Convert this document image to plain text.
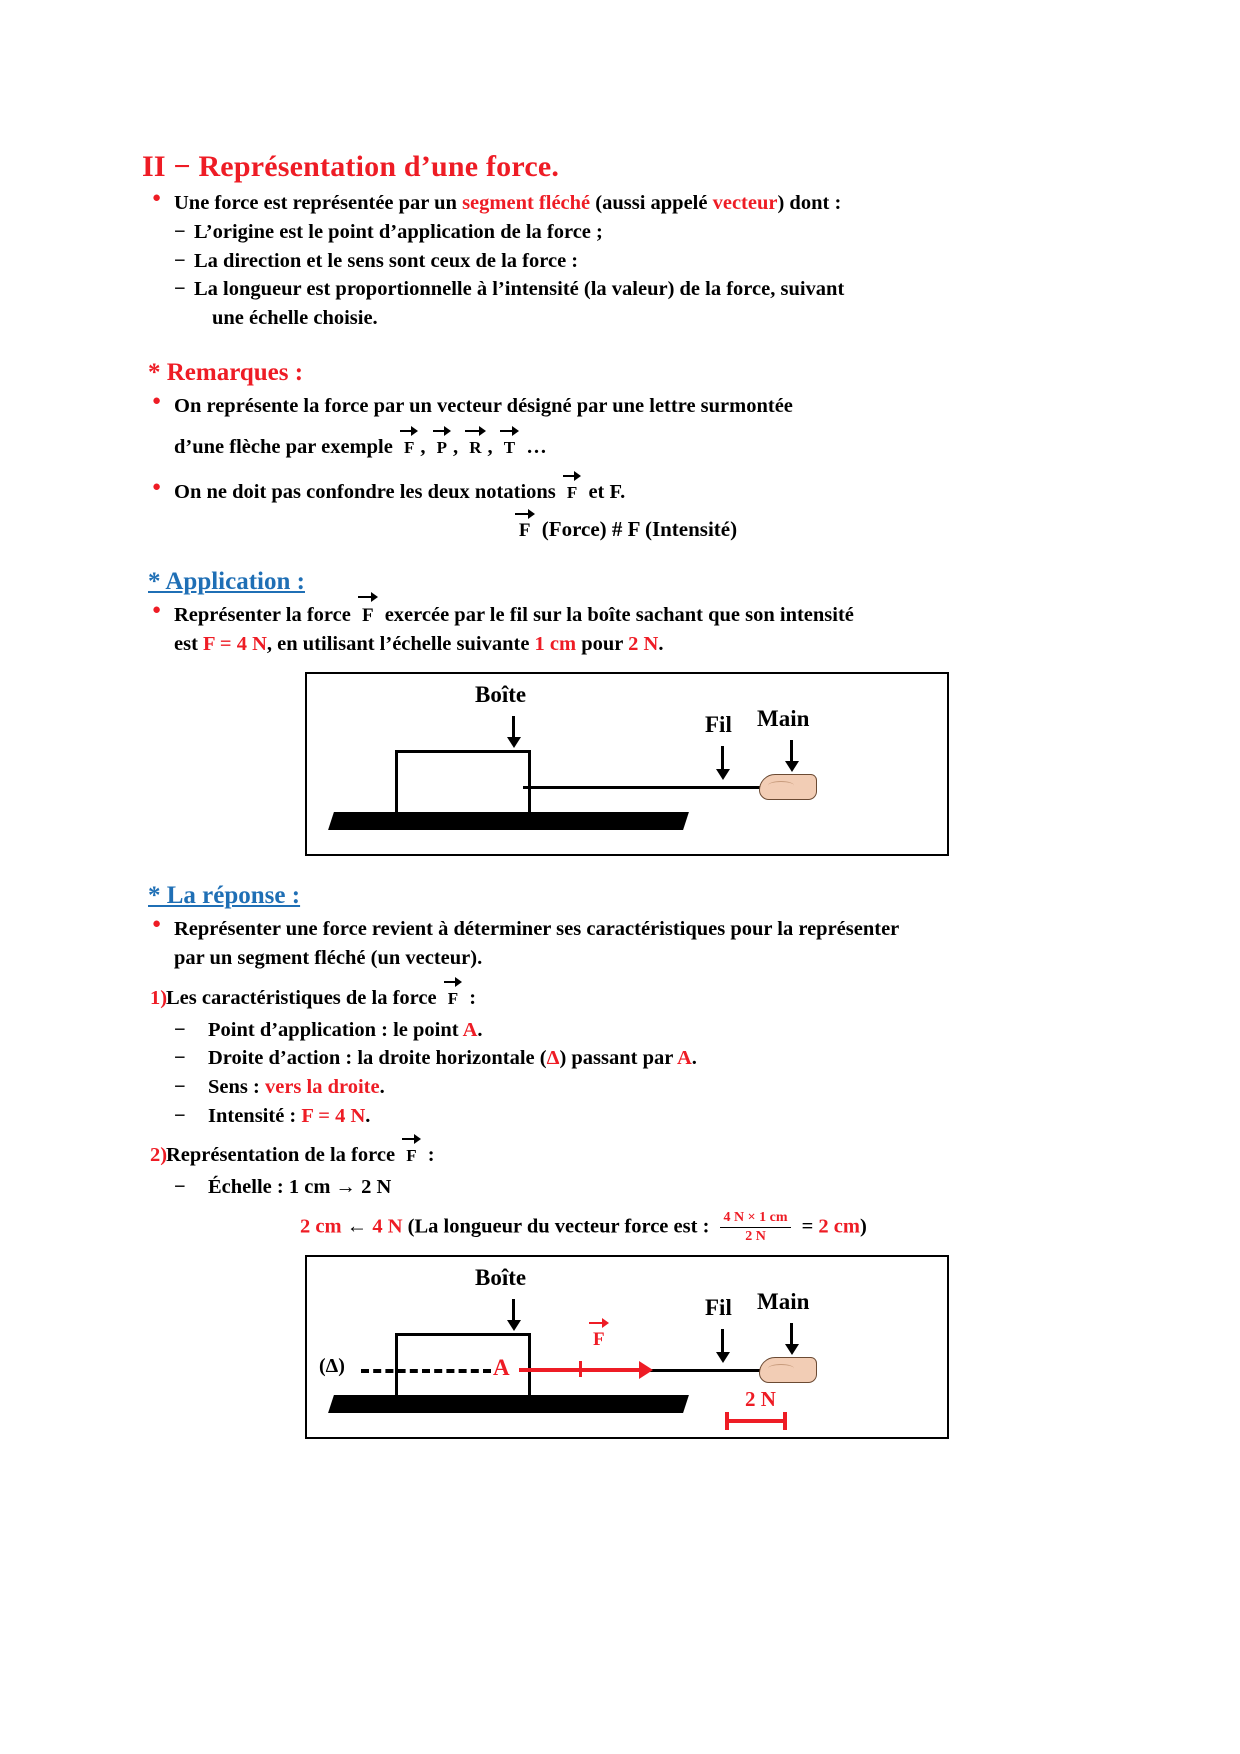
II − Représentation d’une force.
● Une force est représentée par un segment fléché (aussi appelé vecteur) dont :
− L’origine est le point d’application de la force ;
− La direction et le sens sont ceux de la force :
− La longueur est proportionnelle à l’intensité (la valeur) de la force, suivant
une échelle choisie.
* Remarques :
● On représente la force par un vecteur désigné par une lettre surmontée
d’une flèche par exemple F ,
P ,
R ,
T …
● On ne doit pas confondre les deux notations F et F.
F (Force) # F (Intensité)
* Application :
● Représenter la force F exercée par le fil sur la boîte sachant que son intensité
est F = 4 N, en utilisant l’échelle suivante 1 cm pour 2 N.
Boîte
Fil Main
* La réponse :
● Représenter une force revient à déterminer ses caractéristiques pour la représenter
par un segment fléché (un vecteur).
1)
Les caractéristiques de la force F :
− Point d’application : le point A.
− Droite d’action : la droite horizontale (Δ) passant par A.
− Sens : vers la droite.
− Intensité : F = 4 N.
2)
Représentation de la force F :
− Échelle : 1 cm → 2 N
2 cm ← 4 N (La longueur du vecteur force est : $\frac{4 N \times 1 cm}{2 N} = 2$ cm)
Boîte
Fil Main
(Δ)	A
F
2 N
